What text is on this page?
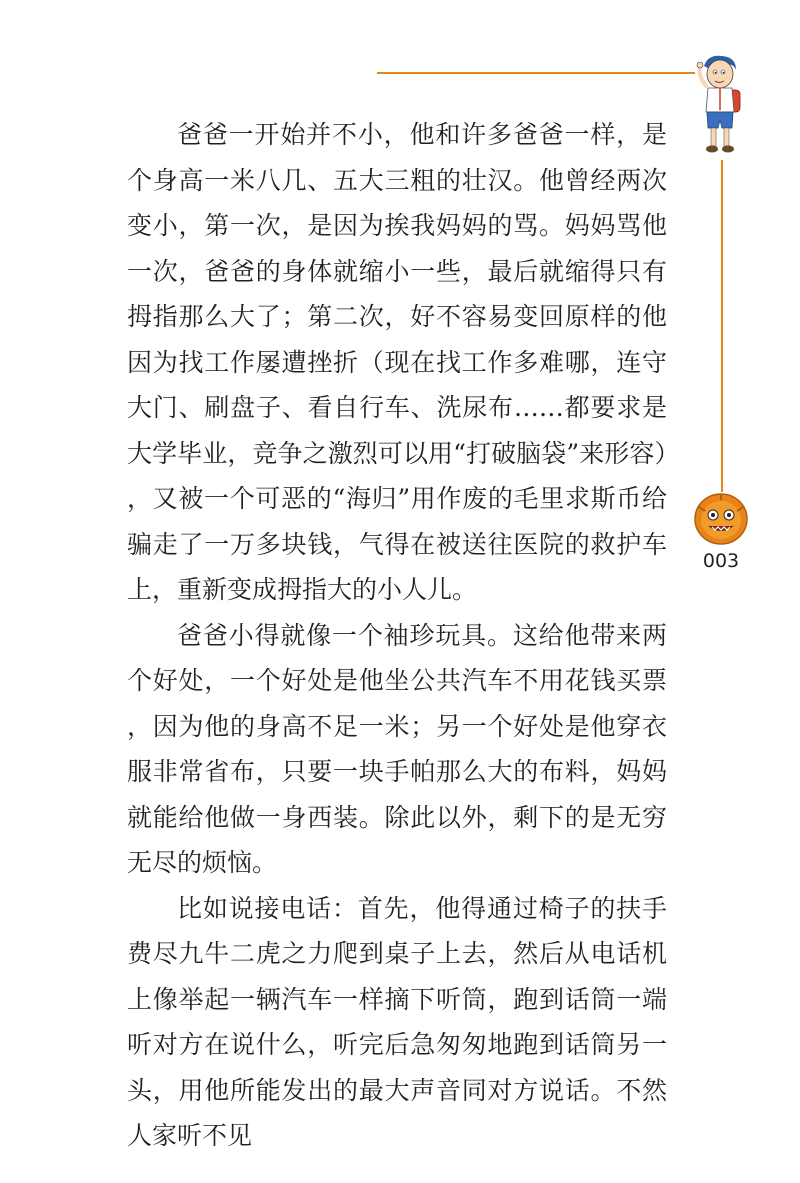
003

爸爸一开始并不小，他和许多爸爸一样，是个身高一米八几、五大三粗的壮汉。他曾经两次变小，第一次，是因为挨我妈妈的骂。妈妈骂他一次，爸爸的身体就缩小一些，最后就缩得只有拇指那么大了；第二次，好不容易变回原样的他因为找工作屡遭挫折（现在找工作多难哪，连守大门、刷盘子、看自行车、洗尿布……都要求是大学毕业，竞争之激烈可以用“打破脑袋”来形容），又被一个可恶的“海归”用作废的毛里求斯币给骗走了一万多块钱，气得在被送往医院的救护车上，重新变成拇指大的小人儿。

爸爸小得就像一个袖珍玩具。这给他带来两个好处，一个好处是他坐公共汽车不用花钱买票，因为他的身高不足一米；另一个好处是他穿衣服非常省布，只要一块手帕那么大的布料，妈妈就能给他做一身西装。除此以外，剩下的是无穷无尽的烦恼。

比如说接电话：首先，他得通过椅子的扶手费尽九牛二虎之力爬到桌子上去，然后从电话机上像举起一辆汽车一样摘下听筒，跑到话筒一端听对方在说什么，听完后急匆匆地跑到话筒另一头，用他所能发出的最大声音同对方说话。不然人家听不见
